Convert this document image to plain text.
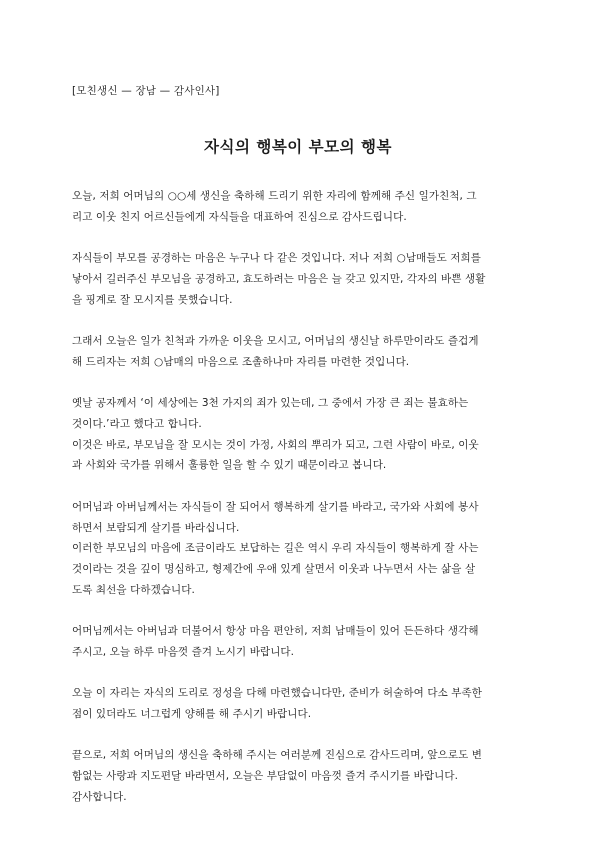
[모친생신 — 장남 — 감사인사]

자식의 행복이 부모의 행복

오늘, 저희 어머님의 ○○세 생신을 축하해 드리기 위한 자리에 함께해 주신 일가친척, 그
리고 이웃 친지 어르신들에게 자식들을 대표하여 진심으로 감사드립니다.

자식들이 부모를 공경하는 마음은 누구나 다 같은 것입니다. 저나 저희 ○남매들도 저희를
낳아서 길러주신 부모님을 공경하고, 효도하려는 마음은 늘 갖고 있지만, 각자의 바쁜 생활
을 핑계로 잘 모시지를 못했습니다.

그래서 오늘은 일가 친척과 가까운 이웃을 모시고, 어머님의 생신날 하루만이라도 즐겁게
해 드리자는 저희 ○남매의 마음으로 조촐하나마 자리를 마련한 것입니다.

옛날 공자께서 ‘이 세상에는 3천 가지의 죄가 있는데, 그 중에서 가장 큰 죄는 불효하는
것이다.’라고 했다고 합니다.
이것은 바로, 부모님을 잘 모시는 것이 가정, 사회의 뿌리가 되고, 그런 사람이 바로, 이웃
과 사회와 국가를 위해서 훌륭한 일을 할 수 있기 때문이라고 봅니다.

어머님과 아버님께서는 자식들이 잘 되어서 행복하게 살기를 바라고, 국가와 사회에 봉사
하면서 보람되게 살기를 바라십니다.
이러한 부모님의 마음에 조금이라도 보답하는 길은 역시 우리 자식들이 행복하게 잘 사는
것이라는 것을 깊이 명심하고, 형제간에 우애 있게 살면서 이웃과 나누면서 사는 삶을 살
도록 최선을 다하겠습니다.

어머님께서는 아버님과 더불어서 항상 마음 편안히, 저희 남매들이 있어 든든하다 생각해
주시고, 오늘 하루 마음껏 즐겨 노시기 바랍니다.

오늘 이 자리는 자식의 도리로 정성을 다해 마련했습니다만, 준비가 허술하여 다소 부족한
점이 있더라도 너그럽게 양해를 해 주시기 바랍니다.

끝으로, 저희 어머님의 생신을 축하해 주시는 여러분께 진심으로 감사드리며, 앞으로도 변
함없는 사랑과 지도편달 바라면서, 오늘은 부담없이 마음껏 즐겨 주시기를 바랍니다.
감사합니다.
